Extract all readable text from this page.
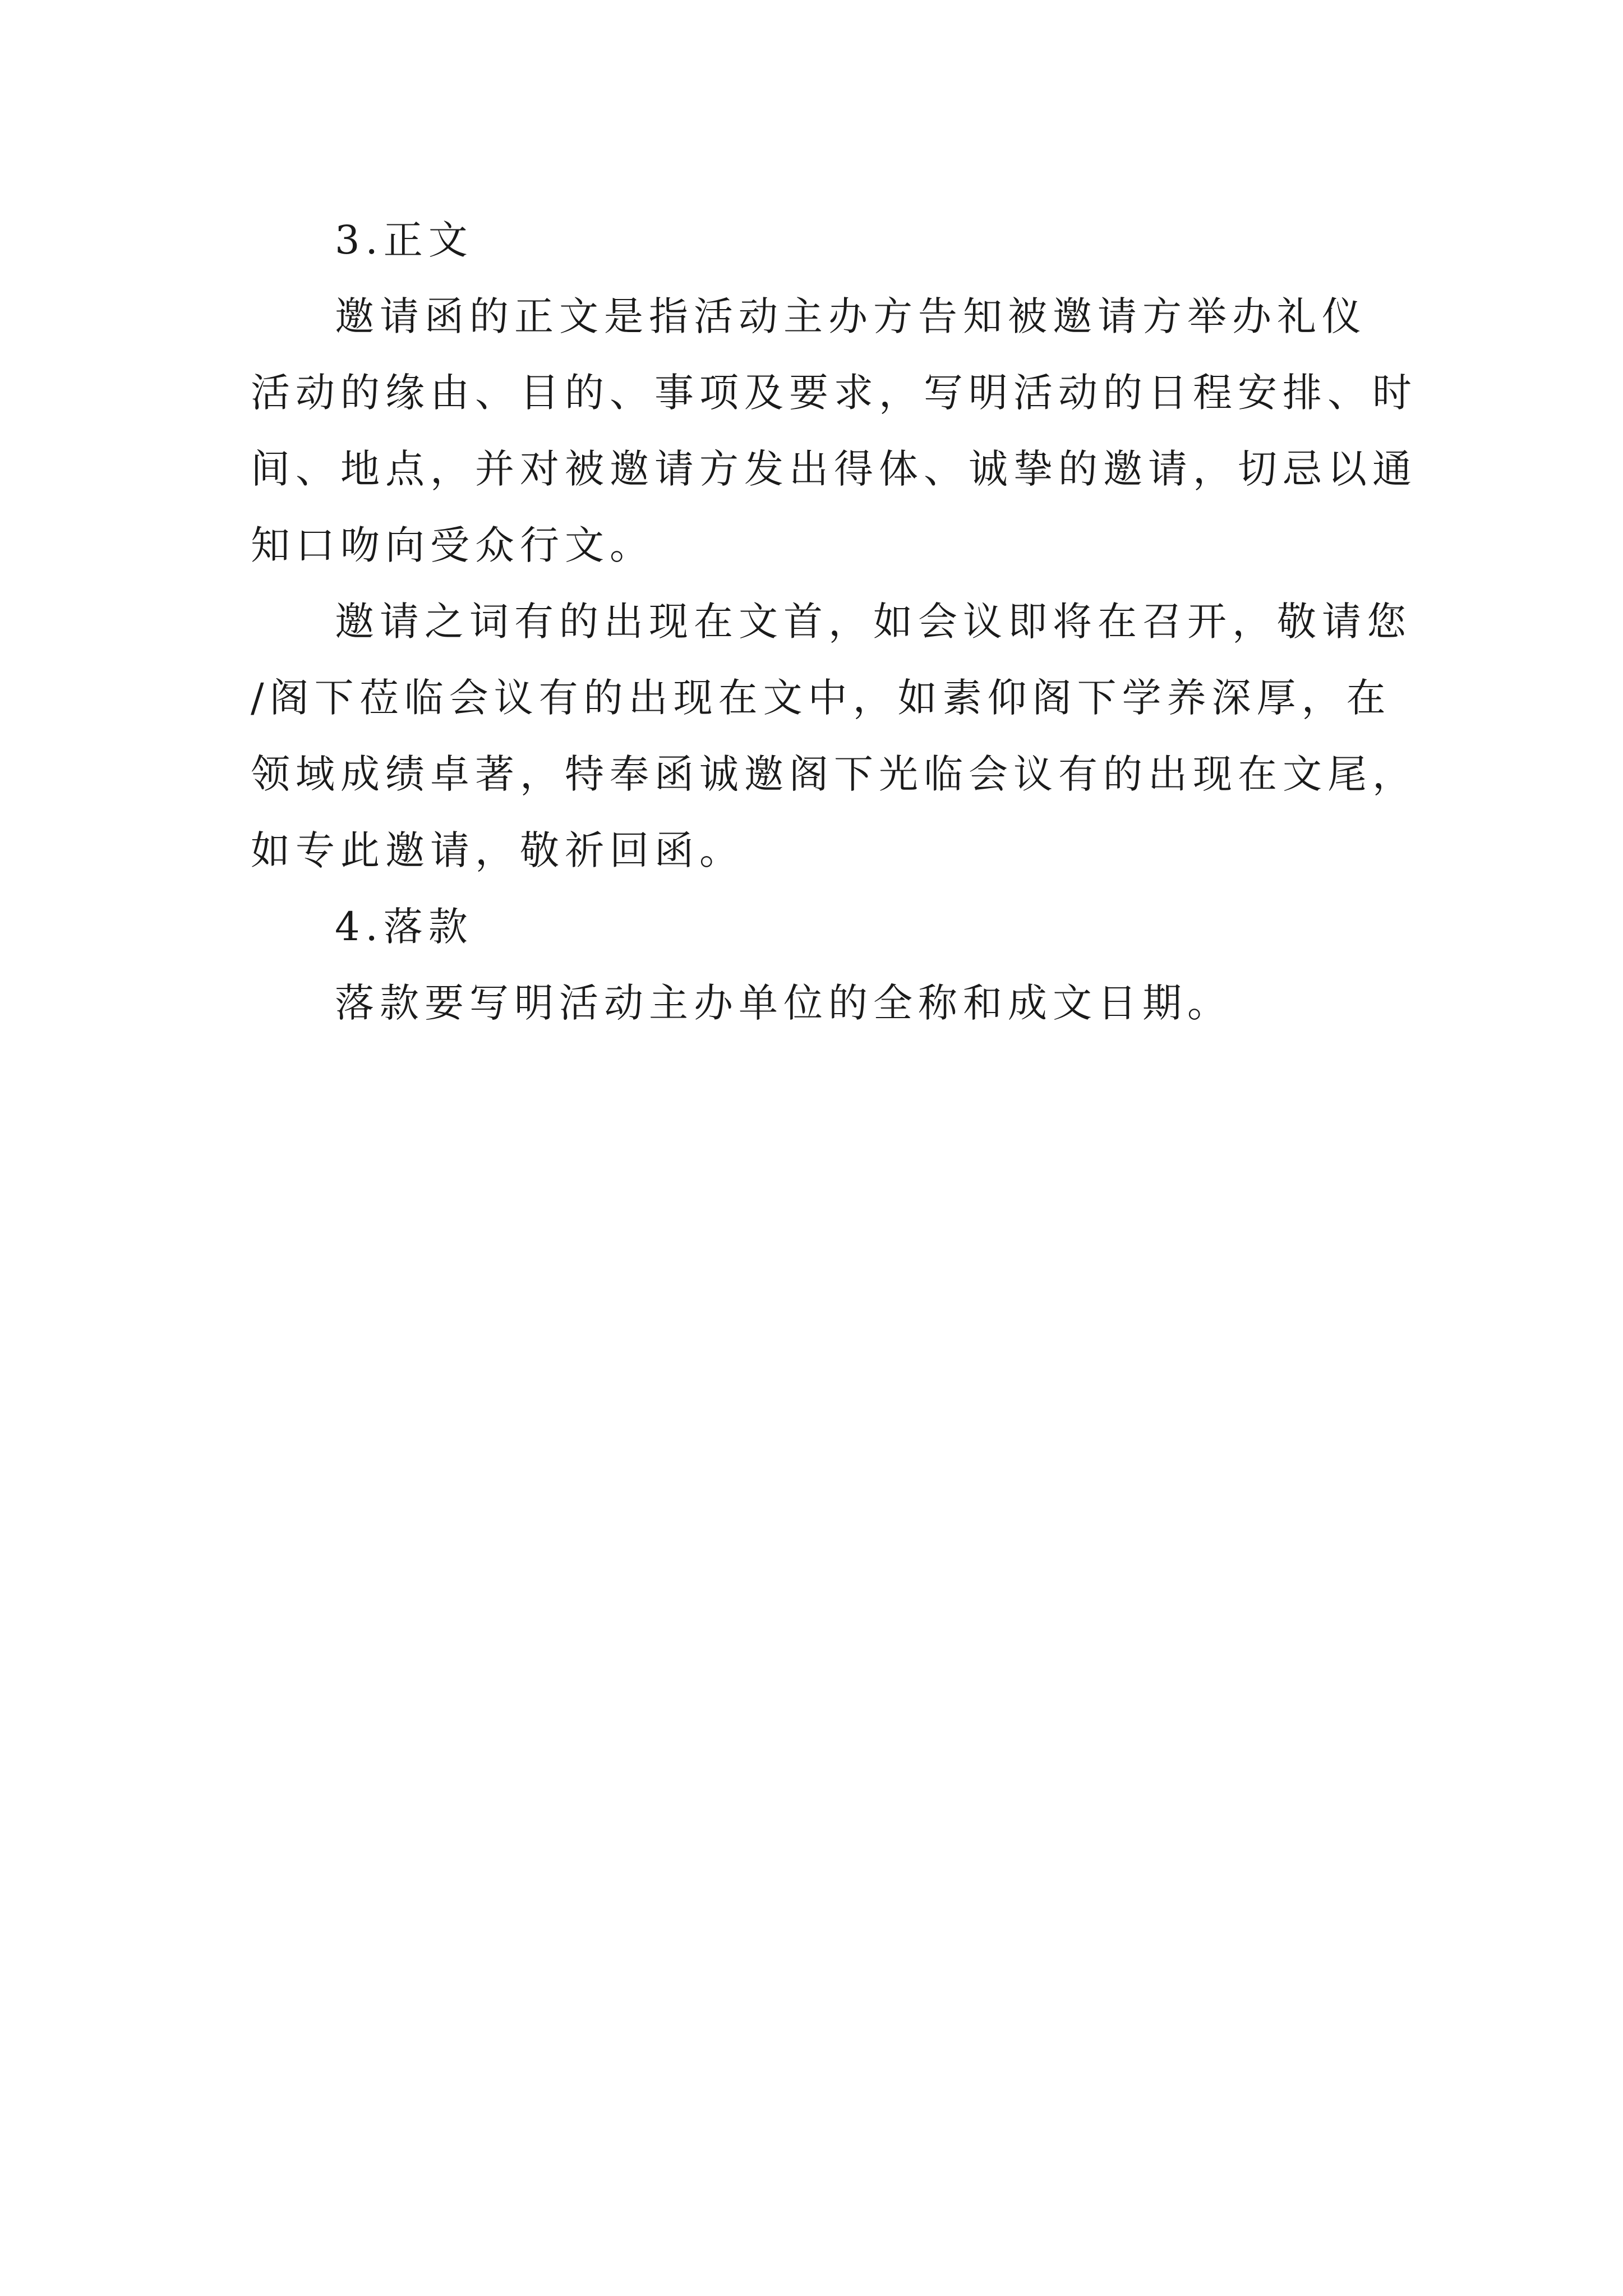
3.正文
邀请函的正文是指活动主办方告知被邀请方举办礼仪
活动的缘由、目的、事项及要求，写明活动的日程安排、时
间、地点，并对被邀请方发出得体、诚挚的邀请，切忌以通
知口吻向受众行文。
邀请之词有的出现在文首，如会议即将在召开，敬请您
/阁下莅临会议有的出现在文中，如素仰阁下学养深厚，在
领域成绩卓著，特奉函诚邀阁下光临会议有的出现在文尾，
如专此邀请，敬祈回函。
4.落款
落款要写明活动主办单位的全称和成文日期。
